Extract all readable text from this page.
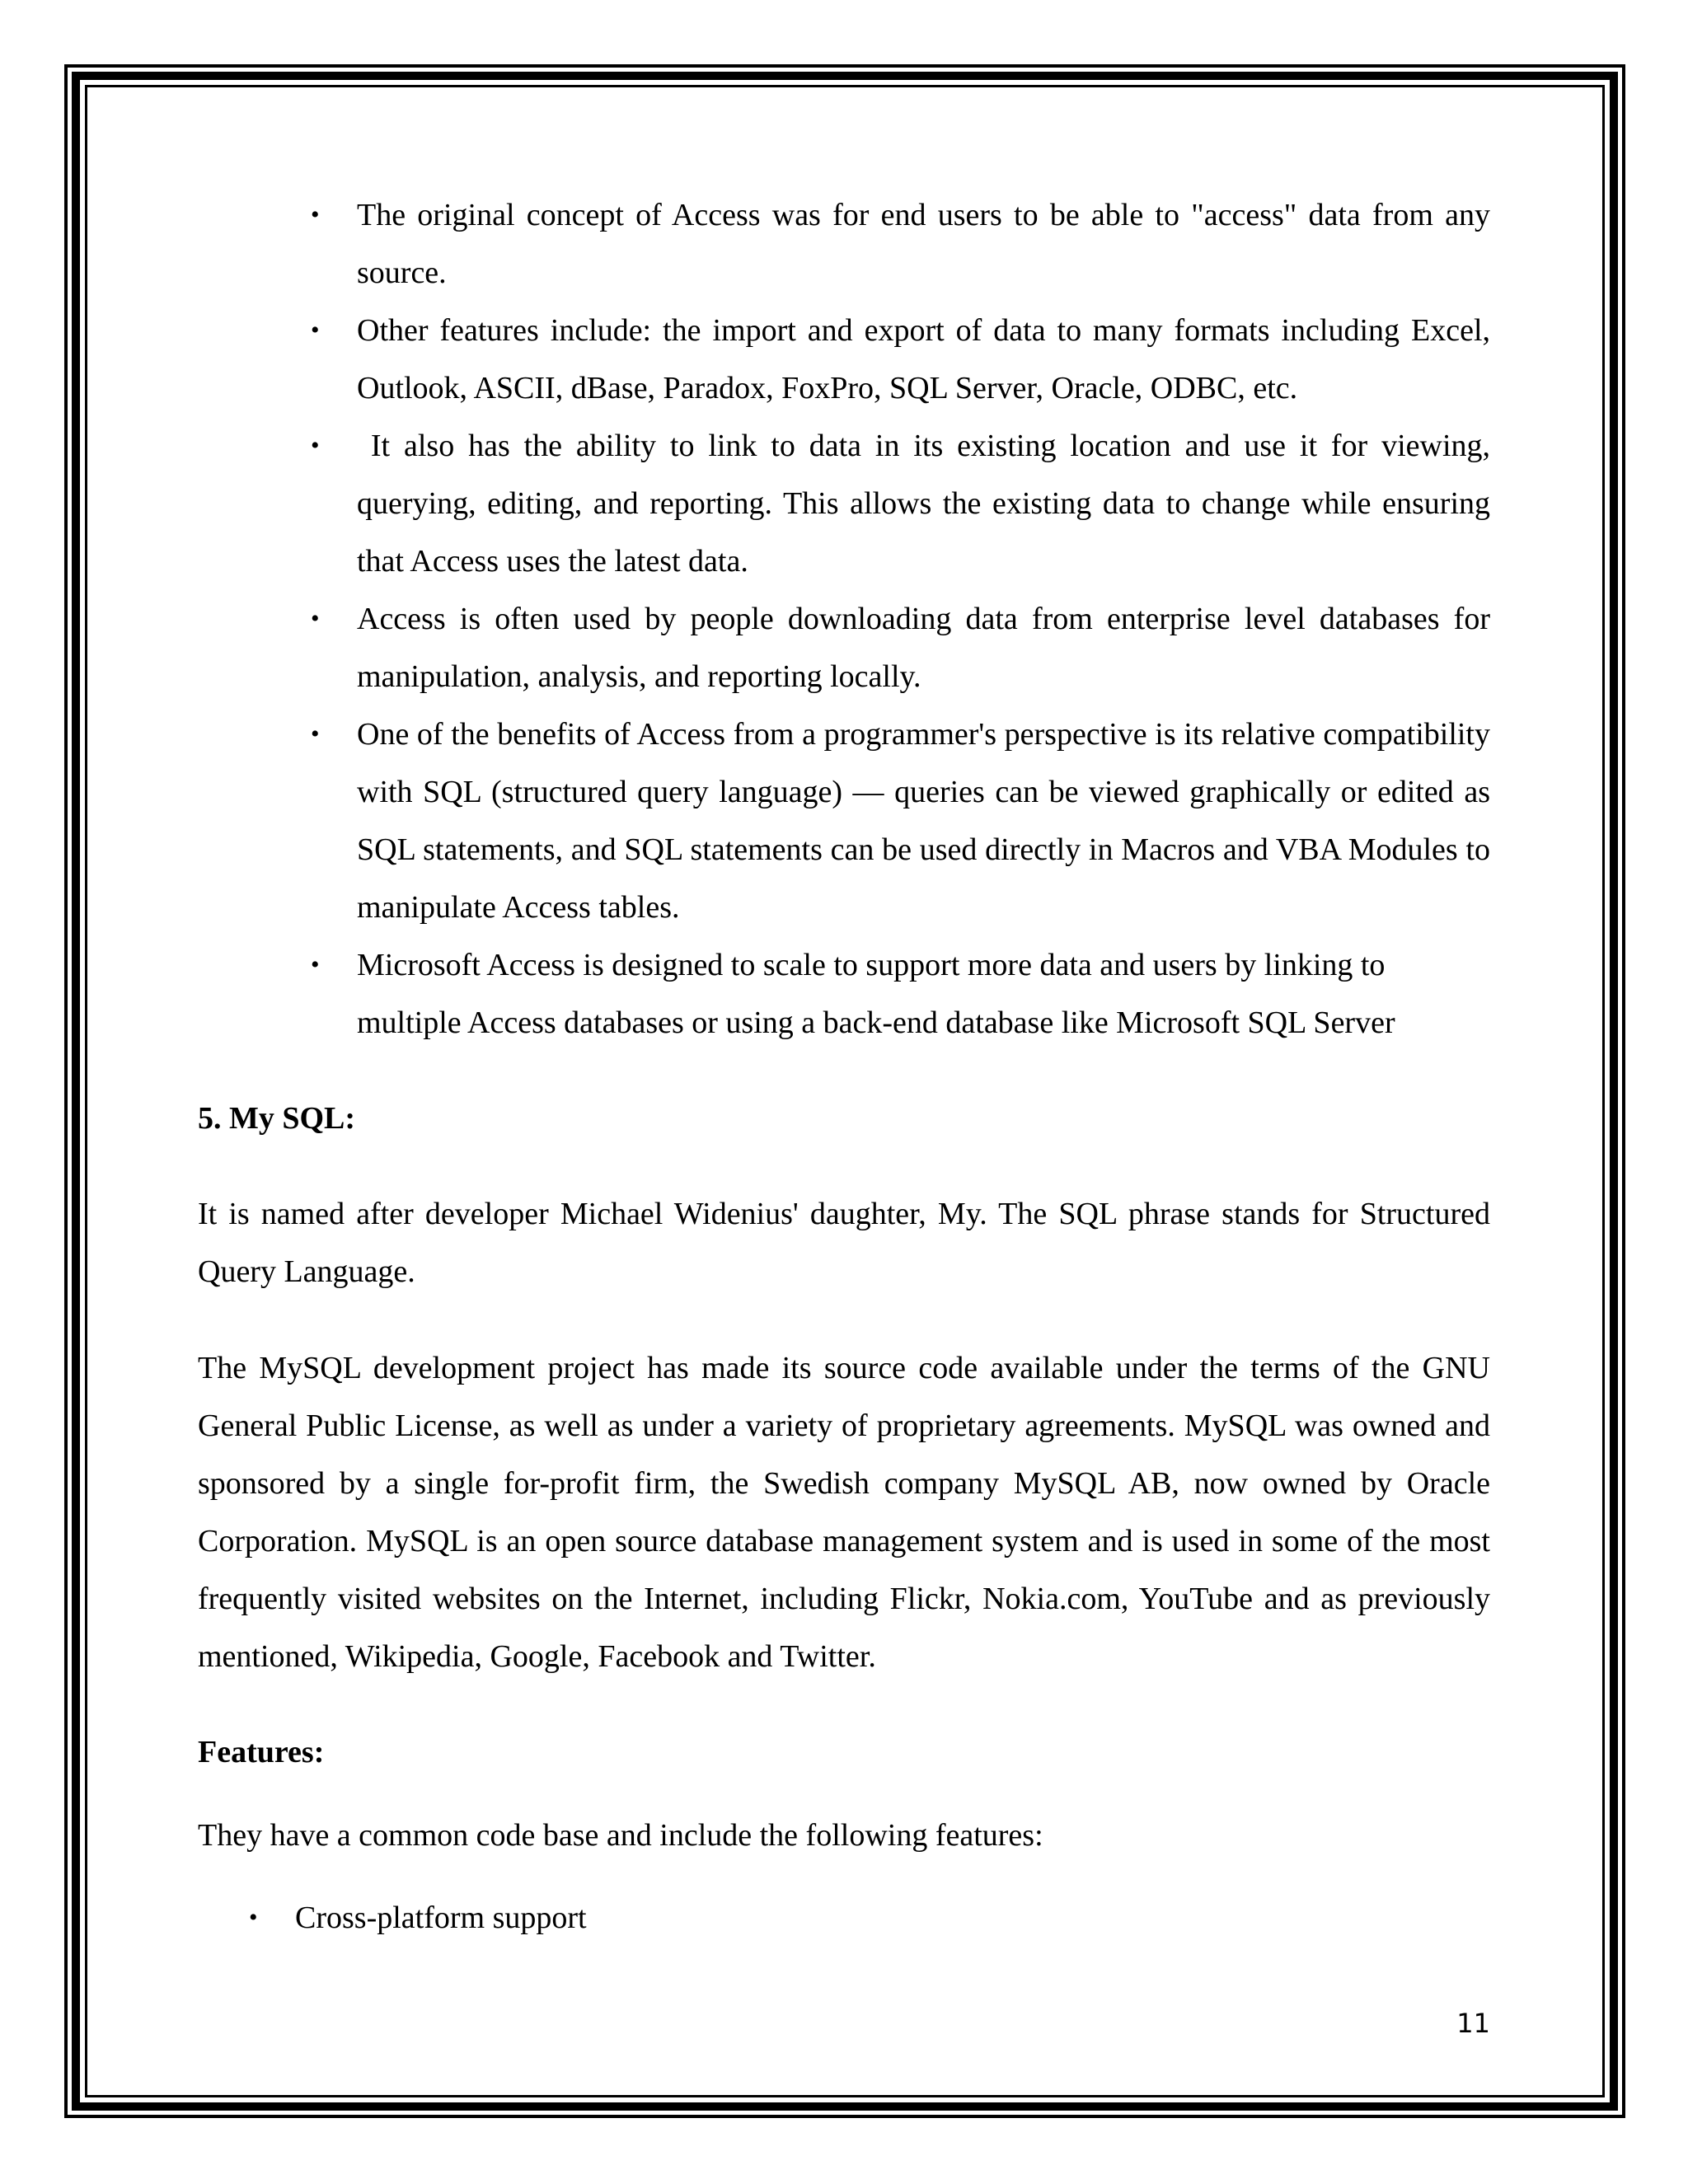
• The original concept of Access was for end users to be able to "access" data from any source.
• Other features include: the import and export of data to many formats including Excel, Outlook, ASCII, dBase, Paradox, FoxPro, SQL Server, Oracle, ODBC, etc.
• It also has the ability to link to data in its existing location and use it for viewing, querying, editing, and reporting. This allows the existing data to change while ensuring that Access uses the latest data.
• Access is often used by people downloading data from enterprise level databases for manipulation, analysis, and reporting locally.
• One of the benefits of Access from a programmer's perspective is its relative compatibility with SQL (structured query language) — queries can be viewed graphically or edited as SQL statements, and SQL statements can be used directly in Macros and VBA Modules to manipulate Access tables.
• Microsoft Access is designed to scale to support more data and users by linking to multiple Access databases or using a back-end database like Microsoft SQL Server

5. My SQL:

It is named after developer Michael Widenius' daughter, My. The SQL phrase stands for Structured Query Language.

The MySQL development project has made its source code available under the terms of the GNU General Public License, as well as under a variety of proprietary agreements. MySQL was owned and sponsored by a single for-profit firm, the Swedish company MySQL AB, now owned by Oracle Corporation. MySQL is an open source database management system and is used in some of the most frequently visited websites on the Internet, including Flickr, Nokia.com, YouTube and as previously mentioned, Wikipedia, Google, Facebook and Twitter.

Features:

They have a common code base and include the following features:

• Cross-platform support
11
